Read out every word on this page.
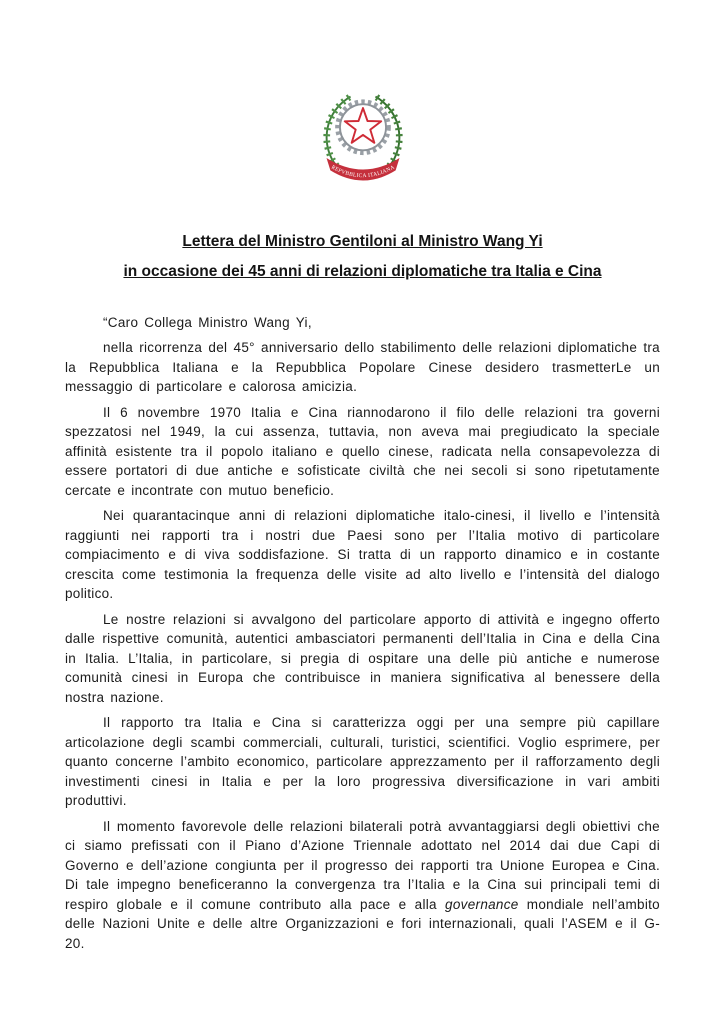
REPVBBLICA ITALIANA
Lettera del Ministro Gentiloni al Ministro Wang Yi
in occasione dei 45 anni di relazioni diplomatiche tra Italia e Cina

“Caro Collega Ministro Wang Yi,

nella ricorrenza del 45° anniversario dello stabilimento delle relazioni diplomatiche tra la Repubblica Italiana e la Repubblica Popolare Cinese desidero trasmetterLe un messaggio di particolare e calorosa amicizia.

Il 6 novembre 1970 Italia e Cina riannodarono il filo delle relazioni tra governi spezzatosi nel 1949, la cui assenza, tuttavia, non aveva mai pregiudicato la speciale affinità esistente tra il popolo italiano e quello cinese, radicata nella consapevolezza di essere portatori di due antiche e sofisticate civiltà che nei secoli si sono ripetutamente cercate e incontrate con mutuo beneficio.

Nei quarantacinque anni di relazioni diplomatiche italo-cinesi, il livello e l’intensità raggiunti nei rapporti tra i nostri due Paesi sono per l’Italia motivo di particolare compiacimento e di viva soddisfazione. Si tratta di un rapporto dinamico e in costante crescita come testimonia la frequenza delle visite ad alto livello e l’intensità del dialogo politico.

Le nostre relazioni si avvalgono del particolare apporto di attività e ingegno offerto dalle rispettive comunità, autentici ambasciatori permanenti dell’Italia in Cina e della Cina in Italia. L’Italia, in particolare, si pregia di ospitare una delle più antiche e numerose comunità cinesi in Europa che contribuisce in maniera significativa al benessere della nostra nazione.

Il rapporto tra Italia e Cina si caratterizza oggi per una sempre più capillare articolazione degli scambi commerciali, culturali, turistici, scientifici. Voglio esprimere, per quanto concerne l’ambito economico, particolare apprezzamento per il rafforzamento degli investimenti cinesi in Italia e per la loro progressiva diversificazione in vari ambiti produttivi.

Il momento favorevole delle relazioni bilaterali potrà avvantaggiarsi degli obiettivi che ci siamo prefissati con il Piano d’Azione Triennale adottato nel 2014 dai due Capi di Governo e dell’azione congiunta per il progresso dei rapporti tra Unione Europea e Cina. Di tale impegno beneficeranno la convergenza tra l’Italia e la Cina sui principali temi di respiro globale e il comune contributo alla pace e alla governance mondiale nell’ambito delle Nazioni Unite e delle altre Organizzazioni e fori internazionali, quali l’ASEM e il G-20.
